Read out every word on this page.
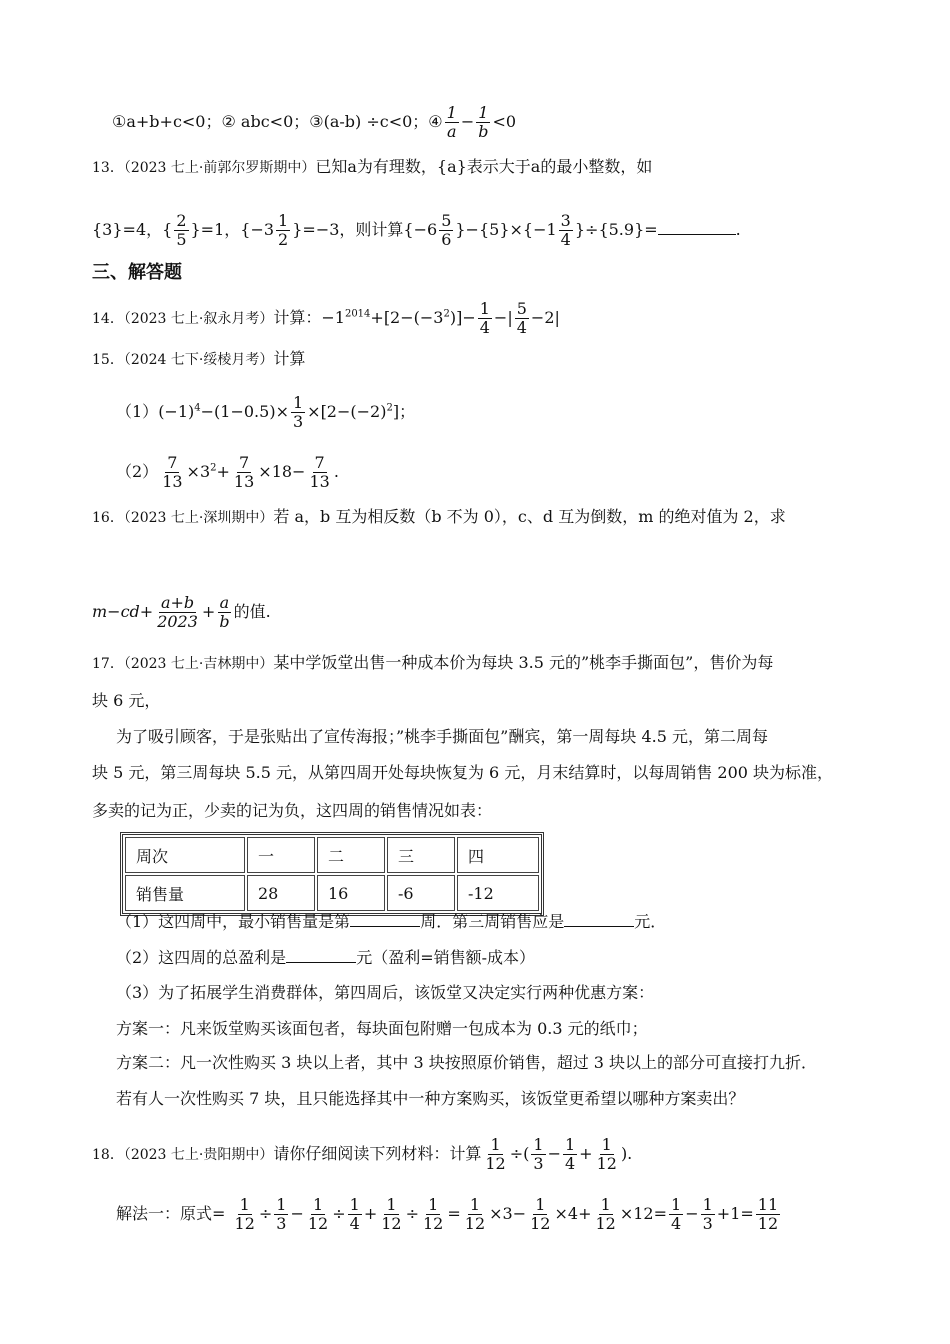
①a+b+c<0；② abc<0；③(a-b) ÷c<0；④ $\frac{1}{a} - \frac{1}{b} <0$
13．（2023 七上·前郭尔罗斯期中）已知a为有理数，{a}表示大于a的最小整数，如
{3}=4，{ $\frac{2}{5} \}=1$，$\{-3 \frac{1}{2} \}=-3$，则计算$\{-6 \frac{5}{6} \}-\{5\}\times\{-1 \frac{3}{4} \}\div\{5.9\}=$	.
三、解答题
14．（2023 七上·叙永月考）计算：$-1^{2014}+[2-(-3^2)]- \frac{1}{4}$ −| $\frac{5}{4} -2|$
15．（2024 七下·绥棱月考）计算
$(1)(-1)^4-(1-0.5)\times \frac{1}{3} \times[2-(-2)^2]$；
$(2) \frac{7}{13} \times 3^2+ \frac{7}{13} \times 18- \frac{7}{13}$ .
16．（2023 七上·深圳期中）若 a，b 互为相反数（b 不为 0），c、d 互为倒数，m 的绝对值为 2，求
$m-cd+ \frac{a+b}{2023} + \frac{a}{b}$ 的值.
17．（2023 七上·吉林期中）某中学饭堂出售一种成本价为每块 3.5 元的”桃李手撕面包”，售价为每
块 6 元，
为了吸引顾客，于是张贴出了宣传海报；”桃李手撕面包”酬宾，第一周每块 4.5 元，第二周每
块 5 元，第三周每块 5.5 元，从第四周开处每块恢复为 6 元，月末结算时，以每周销售 200 块为标准，
多卖的记为正，少卖的记为负，这四周的销售情况如表：
周次	一	二	三	四
销售量	28	16	-6	-12
（1）这四周中，最小销售量是第	周．第三周销售应是	元．
（2）这四周的总盈利是	元（盈利=销售额-成本）
（3）为了拓展学生消费群体，第四周后，该饭堂又决定实行两种优惠方案：
方案一：凡来饭堂购买该面包者，每块面包附赠一包成本为 0.3 元的纸巾；
方案二：凡一次性购买 3 块以上者，其中 3 块按照原价销售，超过 3 块以上的部分可直接打九折．
若有人一次性购买 7 块，且只能选择其中一种方案购买，该饭堂更希望以哪种方案卖出？
18．（2023 七上·贵阳期中）请你仔细阅读下列材料：计算 $\frac{1}{12}$ ÷( $\frac{1}{3} - \frac{1}{4} + \frac{1}{12}$ ).
解法一：原式= $\frac{1}{12} \div \frac{1}{3} - \frac{1}{12} \div \frac{1}{4} + \frac{1}{12} \div \frac{1}{12} = \frac{1}{12} \times 3- \frac{1}{12} \times 4+ \frac{1}{12} \times 12= \frac{1}{4} - \frac{1}{3} +1= \frac{11}{12}$
